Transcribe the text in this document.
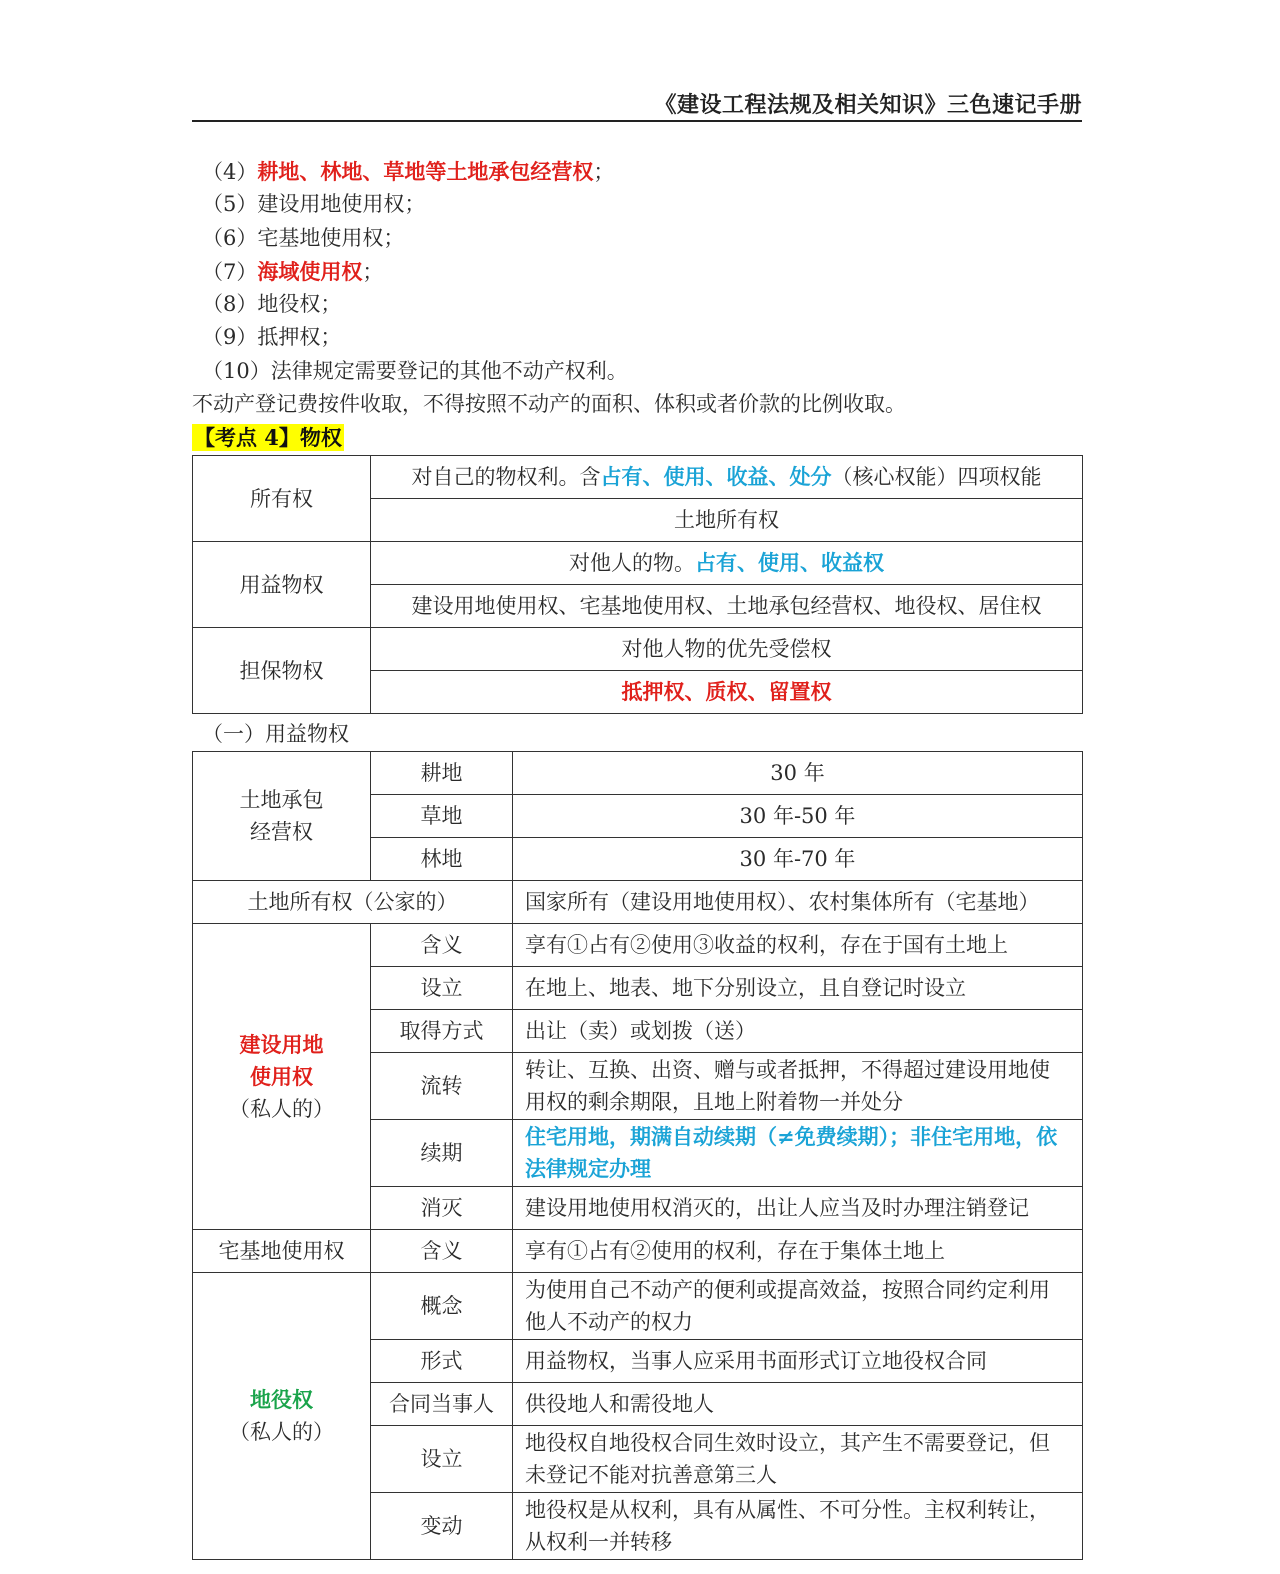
《建设工程法规及相关知识》三色速记手册
（4）耕地、林地、草地等土地承包经营权；
（5）建设用地使用权；
（6）宅基地使用权；
（7）海域使用权；
（8）地役权；
（9）抵押权；
（10）法律规定需要登记的其他不动产权利。
不动产登记费按件收取，不得按照不动产的面积、体积或者价款的比例收取。
【考点 4】物权
所有权	对自己的物权利。含占有、使用、收益、处分（核心权能）四项权能
	土地所有权
用益物权	对他人的物。占有、使用、收益权
	建设用地使用权、宅基地使用权、土地承包经营权、地役权、居住权
担保物权	对他人物的优先受偿权
	抵押权、质权、留置权
（一）用益物权
土地承包
经营权	耕地	30 年
	草地	30 年-50 年
	林地	30 年-70 年
土地所有权（公家的）		国家所有（建设用地使用权）、农村集体所有（宅基地）

建设用地
使用权
（私人的）	含义	享有①占有②使用③收益的权利，存在于国有土地上
	设立	在地上、地表、地下分别设立，且自登记时设立
	取得方式	出让（卖）或划拨（送）
	流转	转让、互换、出资、赠与或者抵押，不得超过建设用地使用权的剩余期限，且地上附着物一并处分
	续期	住宅用地，期满自动续期（≠免费续期）；非住宅用地，依法律规定办理
	消灭	建设用地使用权消灭的，出让人应当及时办理注销登记
宅基地使用权	含义	享有①占有②使用的权利，存在于集体土地上

地役权
（私人的）	概念	为使用自己不动产的便利或提高效益，按照合同约定利用他人不动产的权力
	形式	用益物权，当事人应采用书面形式订立地役权合同
	合同当事人	供役地人和需役地人
	设立	地役权自地役权合同生效时设立，其产生不需要登记，但未登记不能对抗善意第三人
	变动	地役权是从权利，具有从属性、不可分性。主权利转让，从权利一并转移
